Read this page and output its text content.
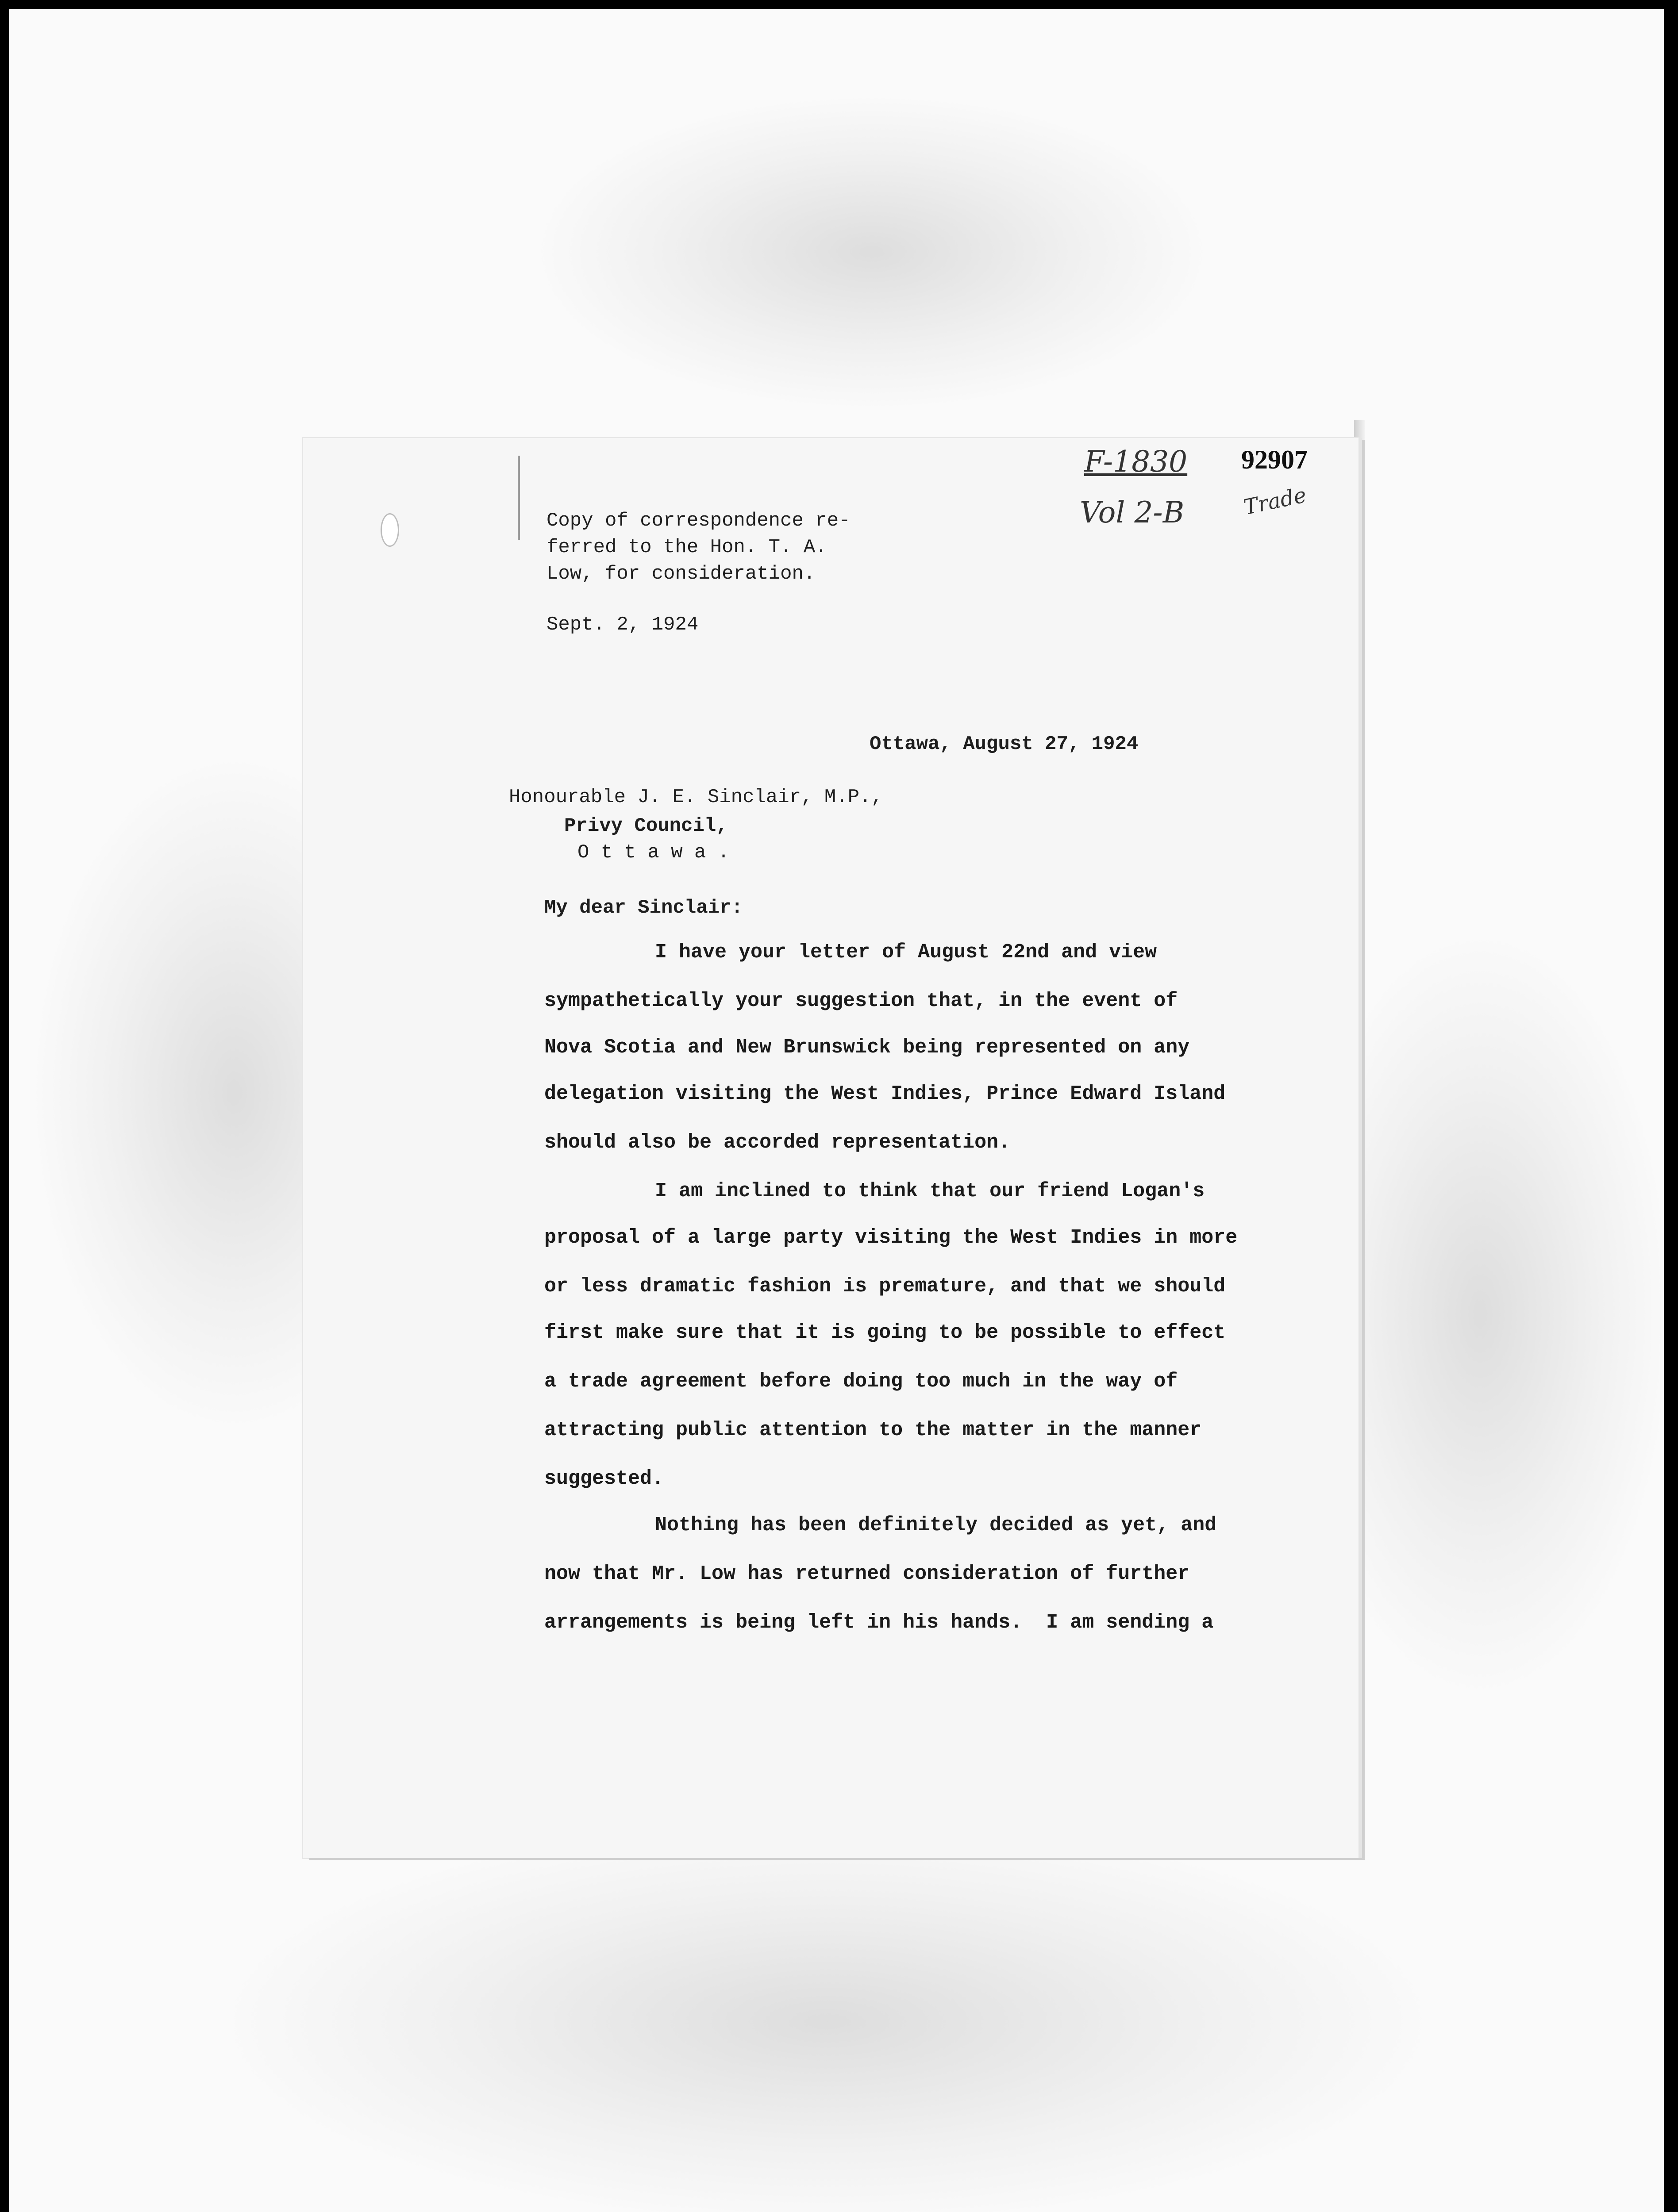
F-1830
Vol 2-B	Trade
92907
Copy of correspondence re-
ferred to the Hon. T. A.
Low, for consideration.
Sept. 2, 1924
Ottawa, August 27, 1924
Honourable J. E. Sinclair, M.P.,
Privy Council,
O t t a w a .
My dear Sinclair:
I have your letter of August 22nd and view
sympathetically your suggestion that, in the event of
Nova Scotia and New Brunswick being represented on any
delegation visiting the West Indies, Prince Edward Island
should also be accorded representation.
I am inclined to think that our friend Logan's
proposal of a large party visiting the West Indies in more
or less dramatic fashion is premature, and that we should
first make sure that it is going to be possible to effect
a trade agreement before doing too much in the way of
attracting public attention to the matter in the manner
suggested.
Nothing has been definitely decided as yet, and
now that Mr. Low has returned consideration of further
arrangements is being left in his hands.  I am sending a
